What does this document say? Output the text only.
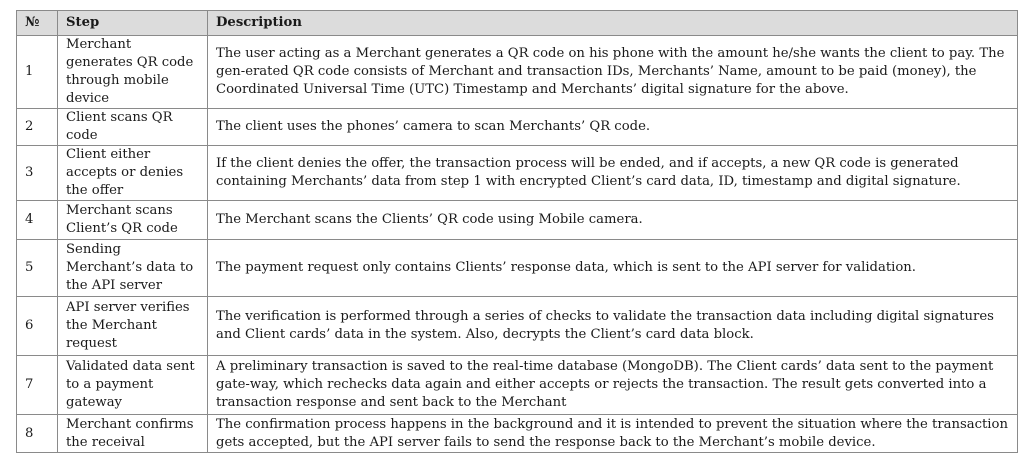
№	Step	Description
1	Merchant generates QR code through mobile device	The user acting as a Merchant generates a QR code on his phone with the amount he/she wants the client to pay. The gen-erated QR code consists of Merchant and transaction IDs, Merchants’ Name, amount to be paid (money), the Coordinated Universal Time (UTC) Timestamp and Merchants’ digital signature for the above.
2	Client scans QR code	The client uses the phones’ camera to scan Merchants’ QR code.
3	Client either accepts or denies the offer	If the client denies the offer, the transaction process will be ended, and if accepts, a new QR code is generated containing Merchants’ data from step 1 with encrypted Client’s card data, ID, timestamp and digital signature.
4	Merchant scans Client’s QR code	The Merchant scans the Clients’ QR code using Mobile camera.
5	Sending Merchant’s data to the API server	The payment request only contains Clients’ response data, which is sent to the API server for validation.
6	API server verifies the Merchant request	The verification is performed through a series of checks to validate the transaction data including digital signatures and Client cards’ data in the system. Also, decrypts the Client’s card data block.
7	Validated data sent to a payment gateway	A preliminary transaction is saved to the real-time database (MongoDB). The Client cards’ data sent to the payment gate-way, which rechecks data again and either accepts or rejects the transaction. The result gets converted into a transaction response and sent back to the Merchant
8	Merchant confirms the receival	The confirmation process happens in the background and it is intended to prevent the situation where the transaction gets accepted, but the API server fails to send the response back to the Merchant’s mobile device.
